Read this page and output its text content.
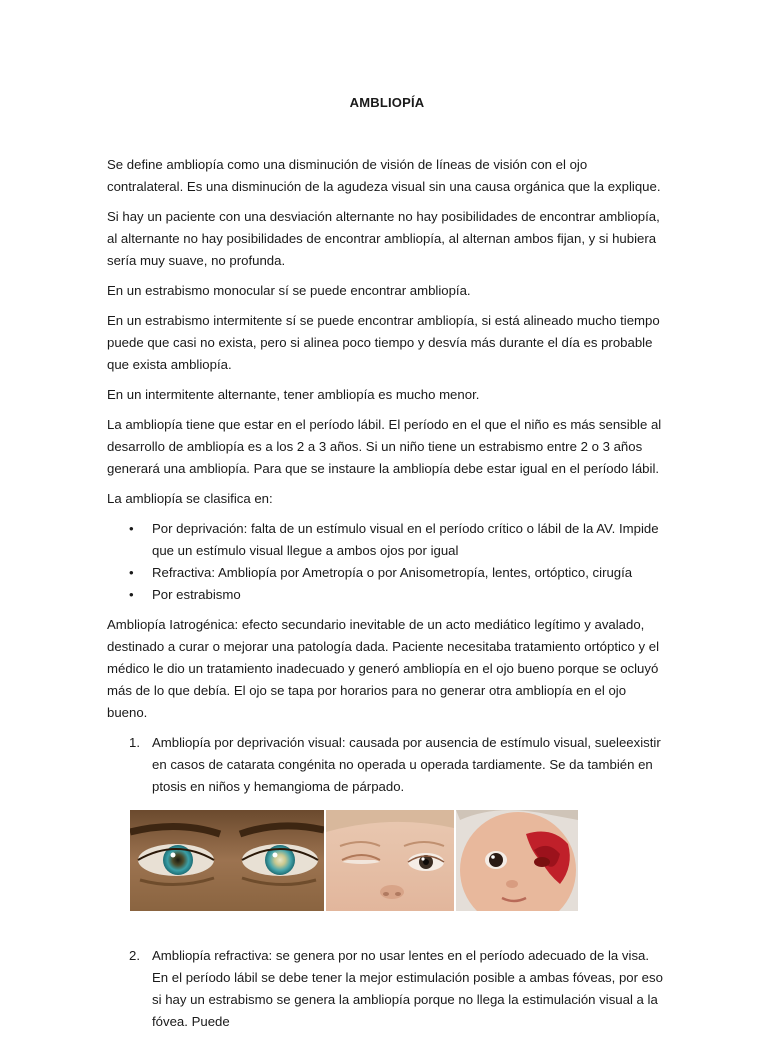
AMBLIOPÍA

Se define ambliopía como una disminución de visión de líneas de visión con el ojo contralateral. Es una disminución de la agudeza visual sin una causa orgánica que la explique.

Si hay un paciente con una desviación alternante no hay posibilidades de encontrar ambliopía, al alternante no hay posibilidades de encontrar ambliopía, al alternan ambos fijan, y si hubiera sería muy suave, no profunda.

En un estrabismo monocular sí se puede encontrar ambliopía.

En un estrabismo intermitente sí se puede encontrar ambliopía, si está alineado mucho tiempo puede que casi no exista, pero si alinea poco tiempo y desvía más durante el día es probable que exista ambliopía.

En un intermitente alternante, tener ambliopía es mucho menor.

La ambliopía tiene que estar en el período lábil. El período en el que el niño es más sensible al desarrollo de ambliopía es a los 2 a 3 años. Si un niño tiene un estrabismo entre 2 o 3 años generará una ambliopía. Para que se instaure la ambliopía debe estar igual en el período lábil.

La ambliopía se clasifica en:

• Por deprivación: falta de un estímulo visual en el período crítico o lábil de la AV. Impide que un estímulo visual llegue a ambos ojos por igual
• Refractiva: Ambliopía por Ametropía o por Anisometropía, lentes, ortóptico, cirugía
• Por estrabismo

Ambliopía Iatrogénica: efecto secundario inevitable de un acto mediático legítimo y avalado, destinado a curar o mejorar una patología dada. Paciente necesitaba tratamiento ortóptico y el médico le dio un tratamiento inadecuado y generó ambliopía en el ojo bueno porque se ocluyó más de lo que debía. El ojo se tapa por horarios para no generar otra ambliopía en el ojo bueno.

1. Ambliopía por deprivación visual: causada por ausencia de estímulo visual, sueleexistir en casos de catarata congénita no operada u operada tardiamente. Se da también en ptosis en niños y hemangioma de párpado.
2. Ambliopía refractiva: se genera por no usar lentes en el período adecuado de la visa. En el período lábil se debe tener la mejor estimulación posible a ambas fóveas, por eso si hay un estrabismo se genera la ambliopía porque no llega la estimulación visual a la fóvea. Puede
